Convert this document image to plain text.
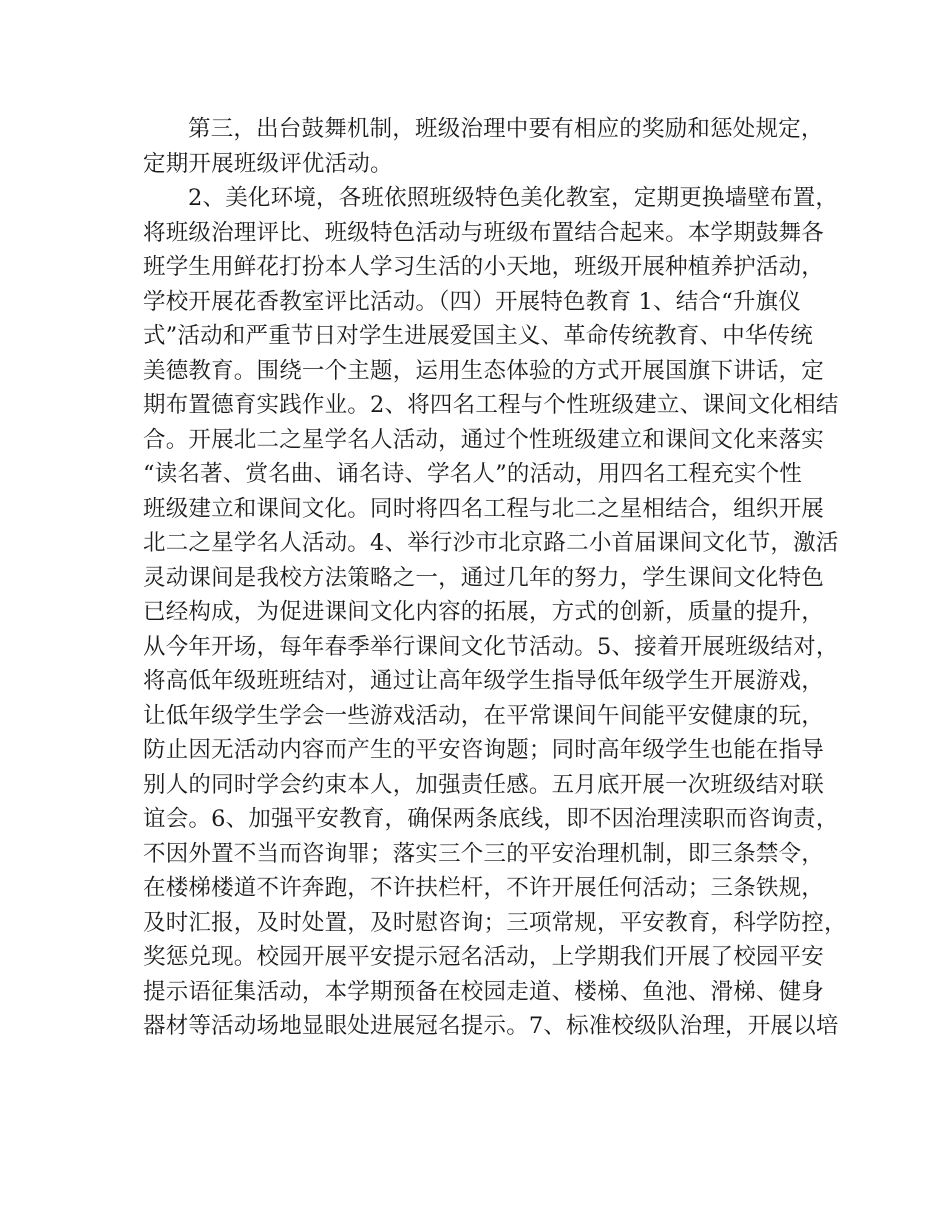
第三，出台鼓舞机制，班级治理中要有相应的奖励和惩处规定，
定期开展班级评优活动。
2、美化环境，各班依照班级特色美化教室，定期更换墙壁布置，
将班级治理评比、班级特色活动与班级布置结合起来。本学期鼓舞各
班学生用鲜花打扮本人学习生活的小天地，班级开展种植养护活动，
学校开展花香教室评比活动。（四）开展特色教育 1、结合“升旗仪
式”活动和严重节日对学生进展爱国主义、革命传统教育、中华传统
美德教育。围绕一个主题，运用生态体验的方式开展国旗下讲话，定
期布置德育实践作业。2、将四名工程与个性班级建立、课间文化相结
合。开展北二之星学名人活动，通过个性班级建立和课间文化来落实
“读名著、赏名曲、诵名诗、学名人”的活动，用四名工程充实个性
班级建立和课间文化。同时将四名工程与北二之星相结合，组织开展
北二之星学名人活动。4、举行沙市北京路二小首届课间文化节，激活
灵动课间是我校方法策略之一，通过几年的努力，学生课间文化特色
已经构成，为促进课间文化内容的拓展，方式的创新，质量的提升，
从今年开场，每年春季举行课间文化节活动。5、接着开展班级结对，
将高低年级班班结对，通过让高年级学生指导低年级学生开展游戏，
让低年级学生学会一些游戏活动，在平常课间午间能平安健康的玩，
防止因无活动内容而产生的平安咨询题；同时高年级学生也能在指导
别人的同时学会约束本人，加强责任感。五月底开展一次班级结对联
谊会。6、加强平安教育，确保两条底线，即不因治理渎职而咨询责，
不因外置不当而咨询罪；落实三个三的平安治理机制，即三条禁令，
在楼梯楼道不许奔跑，不许扶栏杆，不许开展任何活动；三条铁规，
及时汇报，及时处置，及时慰咨询；三项常规，平安教育，科学防控，
奖惩兑现。校园开展平安提示冠名活动，上学期我们开展了校园平安
提示语征集活动，本学期预备在校园走道、楼梯、鱼池、滑梯、健身
器材等活动场地显眼处进展冠名提示。7、标准校级队治理，开展以培
